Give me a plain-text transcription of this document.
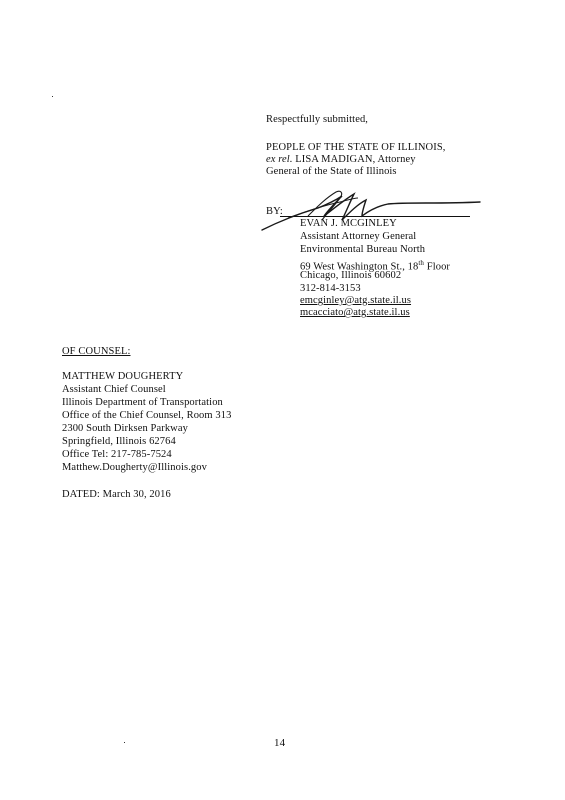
Respectfully submitted,
PEOPLE OF THE STATE OF ILLINOIS,
ex rel. LISA MADIGAN, Attorney
General of the State of Illinois
BY:
EVAN J. MCGINLEY
Assistant Attorney General
Environmental Bureau North
69 West Washington St., 18th Floor
Chicago, Illinois 60602
312-814-3153
emcginley@atg.state.il.us
mcacciato@atg.state.il.us
OF COUNSEL:
MATTHEW DOUGHERTY
Assistant Chief Counsel
Illinois Department of Transportation
Office of the Chief Counsel, Room 313
2300 South Dirksen Parkway
Springfield, Illinois 62764
Office Tel: 217-785-7524
Matthew.Dougherty@Illinois.gov
DATED: March 30, 2016
14
